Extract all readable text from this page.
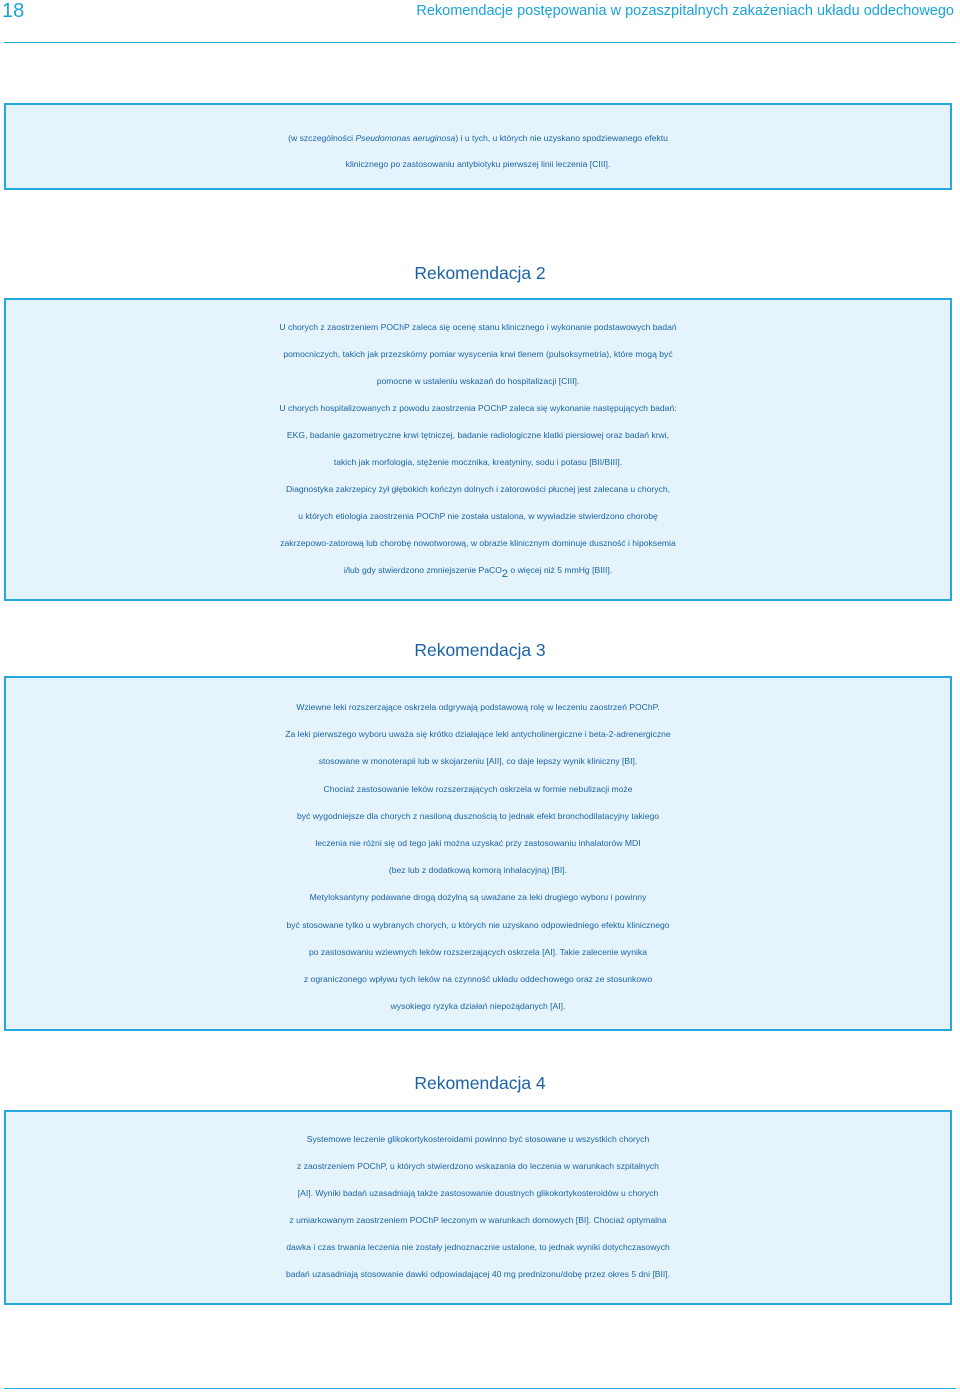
18	Rekomendacje postępowania w pozaszpitalnych zakażeniach układu oddechowego
(w szczególności Pseudomonas aeruginosa) i u tych, u których nie uzyskano spodziewanego efektu
klinicznego po zastosowaniu antybiotyku pierwszej linii leczenia [CIII].
Rekomendacja 2
U chorych z zaostrzeniem POChP zaleca się ocenę stanu klinicznego i wykonanie podstawowych badań
pomocniczych, takich jak przezskórny pomiar wysycenia krwi tlenem (pulsoksymetria), które mogą być
pomocne w ustaleniu wskazań do hospitalizacji [CIII].
U chorych hospitalizowanych z powodu zaostrzenia POChP zaleca się wykonanie następujących badań:
EKG, badanie gazometryczne krwi tętniczej, badanie radiologiczne klatki piersiowej oraz badań krwi,
takich jak morfologia, stężenie mocznika, kreatyniny, sodu i potasu [BII/BIII].
Diagnostyka zakrzepicy żył głębokich kończyn dolnych i zatorowości płucnej jest zalecana u chorych,
u których etiologia zaostrzenia POChP nie została ustalona, w wywiadzie stwierdzono chorobę
zakrzepowo-zatorową lub chorobę nowotworową, w obrazie klinicznym dominuje duszność i hipoksemia
i/lub gdy stwierdzono zmniejszenie PaCO$_2$ o więcej niż 5 mmHg [BIII].
Rekomendacja 3
Wziewne leki rozszerzające oskrzela odgrywają podstawową rolę w leczeniu zaostrzeń POChP.
Za leki pierwszego wyboru uważa się krótko działające leki antycholinergiczne i beta-2-adrenergiczne
stosowane w monoterapii lub w skojarzeniu [AII], co daje lepszy wynik kliniczny [BI].
Chociaż zastosowanie leków rozszerzających oskrzela w formie nebulizacji może
być wygodniejsze dla chorych z nasiloną dusznością to jednak efekt bronchodilatacyjny takiego
leczenia nie różni się od tego jaki można uzyskać przy zastosowaniu inhalatorów MDI
(bez lub z dodatkową komorą inhalacyjną) [BI].
Metyloksantyny podawane drogą dożylną są uważane za leki drugiego wyboru i powinny
być stosowane tylko u wybranych chorych, u których nie uzyskano odpowiedniego efektu klinicznego
po zastosowaniu wziewnych leków rozszerzających oskrzela [AI]. Takie zalecenie wynika
z ograniczonego wpływu tych leków na czynność układu oddechowego oraz ze stosunkowo
wysokiego ryzyka działań niepożądanych [AI].
Rekomendacja 4
Systemowe leczenie glikokortykosteroidami powinno być stosowane u wszystkich chorych
z zaostrzeniem POChP, u których stwierdzono wskazania do leczenia w warunkach szpitalnych
[AI]. Wyniki badań uzasadniają także zastosowanie doustnych glikokortykosteroidów u chorych
z umiarkowanym zaostrzeniem POChP leczonym w warunkach domowych [BI]. Chociaż optymalna
dawka i czas trwania leczenia nie zostały jednoznacznie ustalone, to jednak wyniki dotychczasowych
badań uzasadniają stosowanie dawki odpowiadającej 40 mg prednizonu/dobę przez okres 5 dni [BII].
